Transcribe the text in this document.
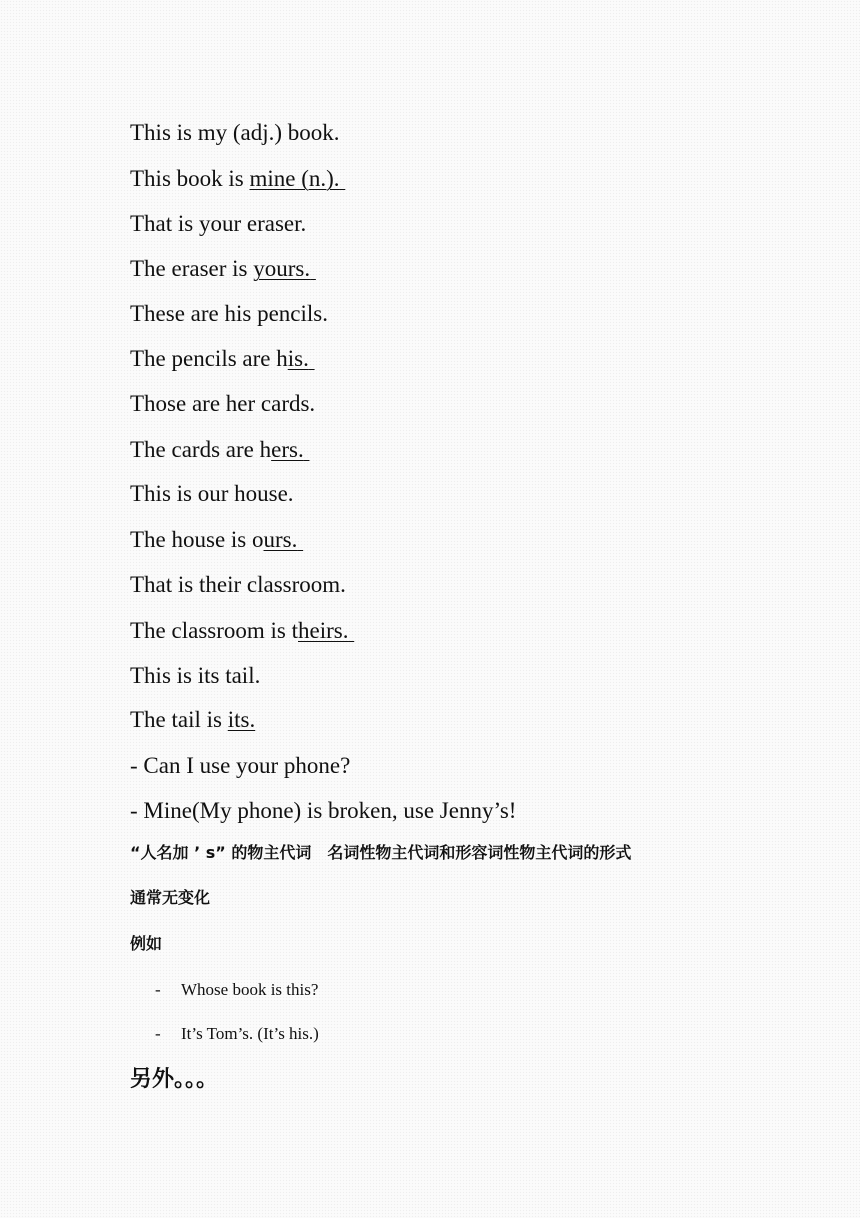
This is my (adj.) book.

This book is mine (n.).

That is your eraser.

The eraser is yours.

These are his pencils.

The pencils are his.

Those are her cards.

The cards are hers.

This is our house.

The house is ours.

That is their classroom.

The classroom is theirs.

This is its tail.

The tail is its.

- Can I use your phone?

- Mine(My phone) is broken, use Jenny’s!

“人名加 ’ s” 的物主代词　名词性物主代词和形容词性物主代词的形式

通常无变化

例如

- Whose book is this?

- It’s Tom’s. (It’s his.)

另外。。。
